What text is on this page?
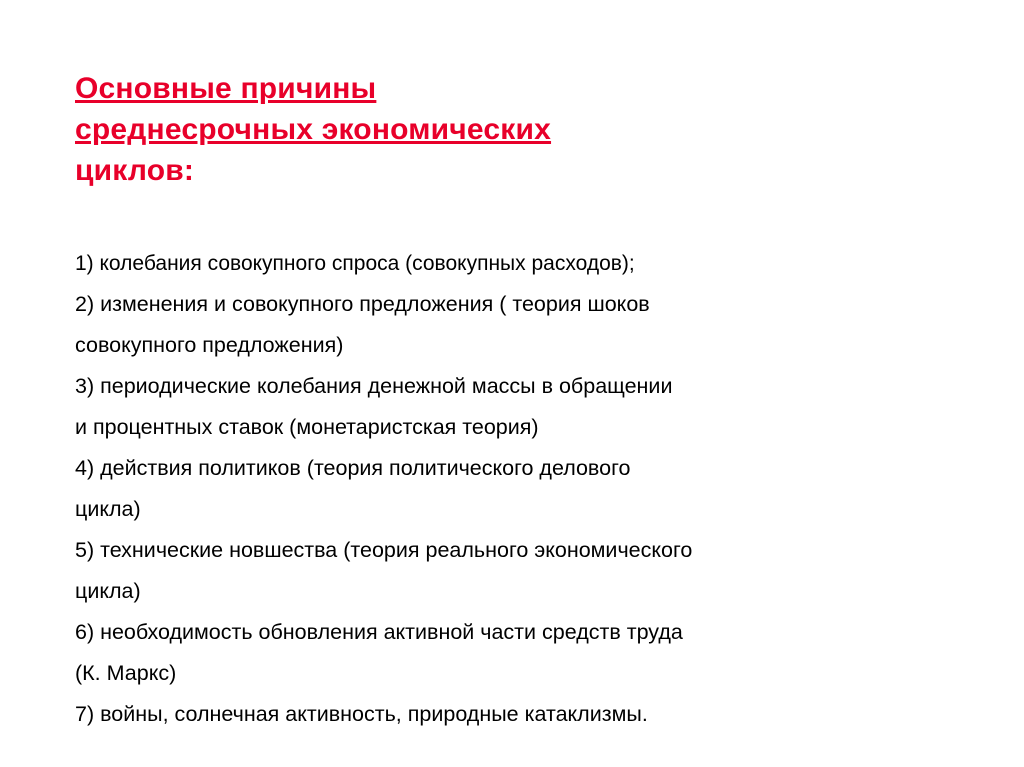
Основные причины
среднесрочных экономических
циклов:
1) колебания совокупного спроса (совокупных расходов);
2) изменения и совокупного предложения ( теория шоков
совокупного предложения)
3) периодические колебания денежной массы в обращении
и процентных ставок (монетаристская теория)
4) действия политиков (теория политического делового
цикла)
5) технические новшества (теория реального экономического
цикла)
6) необходимость обновления активной части средств труда
(К. Маркс)
7) войны, солнечная активность, природные катаклизмы.
